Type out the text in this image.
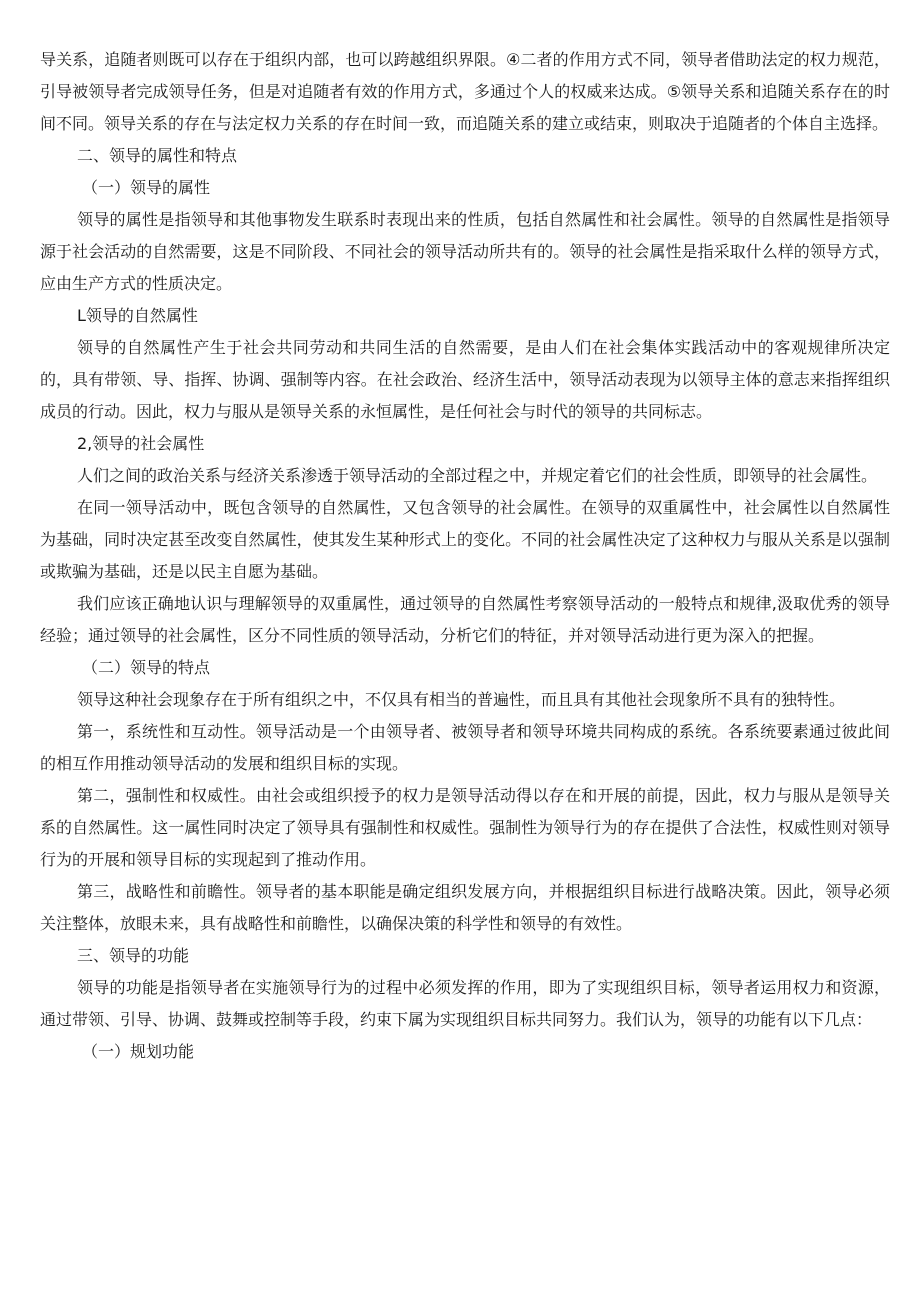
导关系，追随者则既可以存在于组织内部，也可以跨越组织界限。④二者的作用方式不同，领导者借助法定的权力规范，引导被领导者完成领导任务，但是对追随者有效的作用方式，多通过个人的权威来达成。⑤领导关系和追随关系存在的时间不同。领导关系的存在与法定权力关系的存在时间一致，而追随关系的建立或结束，则取决于追随者的个体自主选择。

二、领导的属性和特点

（一）领导的属性

领导的属性是指领导和其他事物发生联系时表现出来的性质，包括自然属性和社会属性。领导的自然属性是指领导源于社会活动的自然需要，这是不同阶段、不同社会的领导活动所共有的。领导的社会属性是指采取什么样的领导方式，应由生产方式的性质决定。

L领导的自然属性

领导的自然属性产生于社会共同劳动和共同生活的自然需要，是由人们在社会集体实践活动中的客观规律所决定的，具有带领、导、指挥、协调、强制等内容。在社会政治、经济生活中，领导活动表现为以领导主体的意志来指挥组织成员的行动。因此，权力与服从是领导关系的永恒属性，是任何社会与时代的领导的共同标志。

2,领导的社会属性

人们之间的政治关系与经济关系渗透于领导活动的全部过程之中，并规定着它们的社会性质，即领导的社会属性。

在同一领导活动中，既包含领导的自然属性，又包含领导的社会属性。在领导的双重属性中，社会属性以自然属性为基础，同时决定甚至改变自然属性，使其发生某种形式上的变化。不同的社会属性决定了这种权力与服从关系是以强制或欺骗为基础，还是以民主自愿为基础。

我们应该正确地认识与理解领导的双重属性，通过领导的自然属性考察领导活动的一般特点和规律,汲取优秀的领导经验；通过领导的社会属性，区分不同性质的领导活动，分析它们的特征，并对领导活动进行更为深入的把握。

（二）领导的特点

领导这种社会现象存在于所有组织之中，不仅具有相当的普遍性，而且具有其他社会现象所不具有的独特性。

第一，系统性和互动性。领导活动是一个由领导者、被领导者和领导环境共同构成的系统。各系统要素通过彼此间的相互作用推动领导活动的发展和组织目标的实现。

第二，强制性和权威性。由社会或组织授予的权力是领导活动得以存在和开展的前提，因此，权力与服从是领导关系的自然属性。这一属性同时决定了领导具有强制性和权威性。强制性为领导行为的存在提供了合法性，权威性则对领导行为的开展和领导目标的实现起到了推动作用。

第三，战略性和前瞻性。领导者的基本职能是确定组织发展方向，并根据组织目标进行战略决策。因此，领导必须关注整体，放眼未来，具有战略性和前瞻性，以确保决策的科学性和领导的有效性。

三、领导的功能

领导的功能是指领导者在实施领导行为的过程中必须发挥的作用，即为了实现组织目标，领导者运用权力和资源，通过带领、引导、协调、鼓舞或控制等手段，约束下属为实现组织目标共同努力。我们认为，领导的功能有以下几点：

（一）规划功能
